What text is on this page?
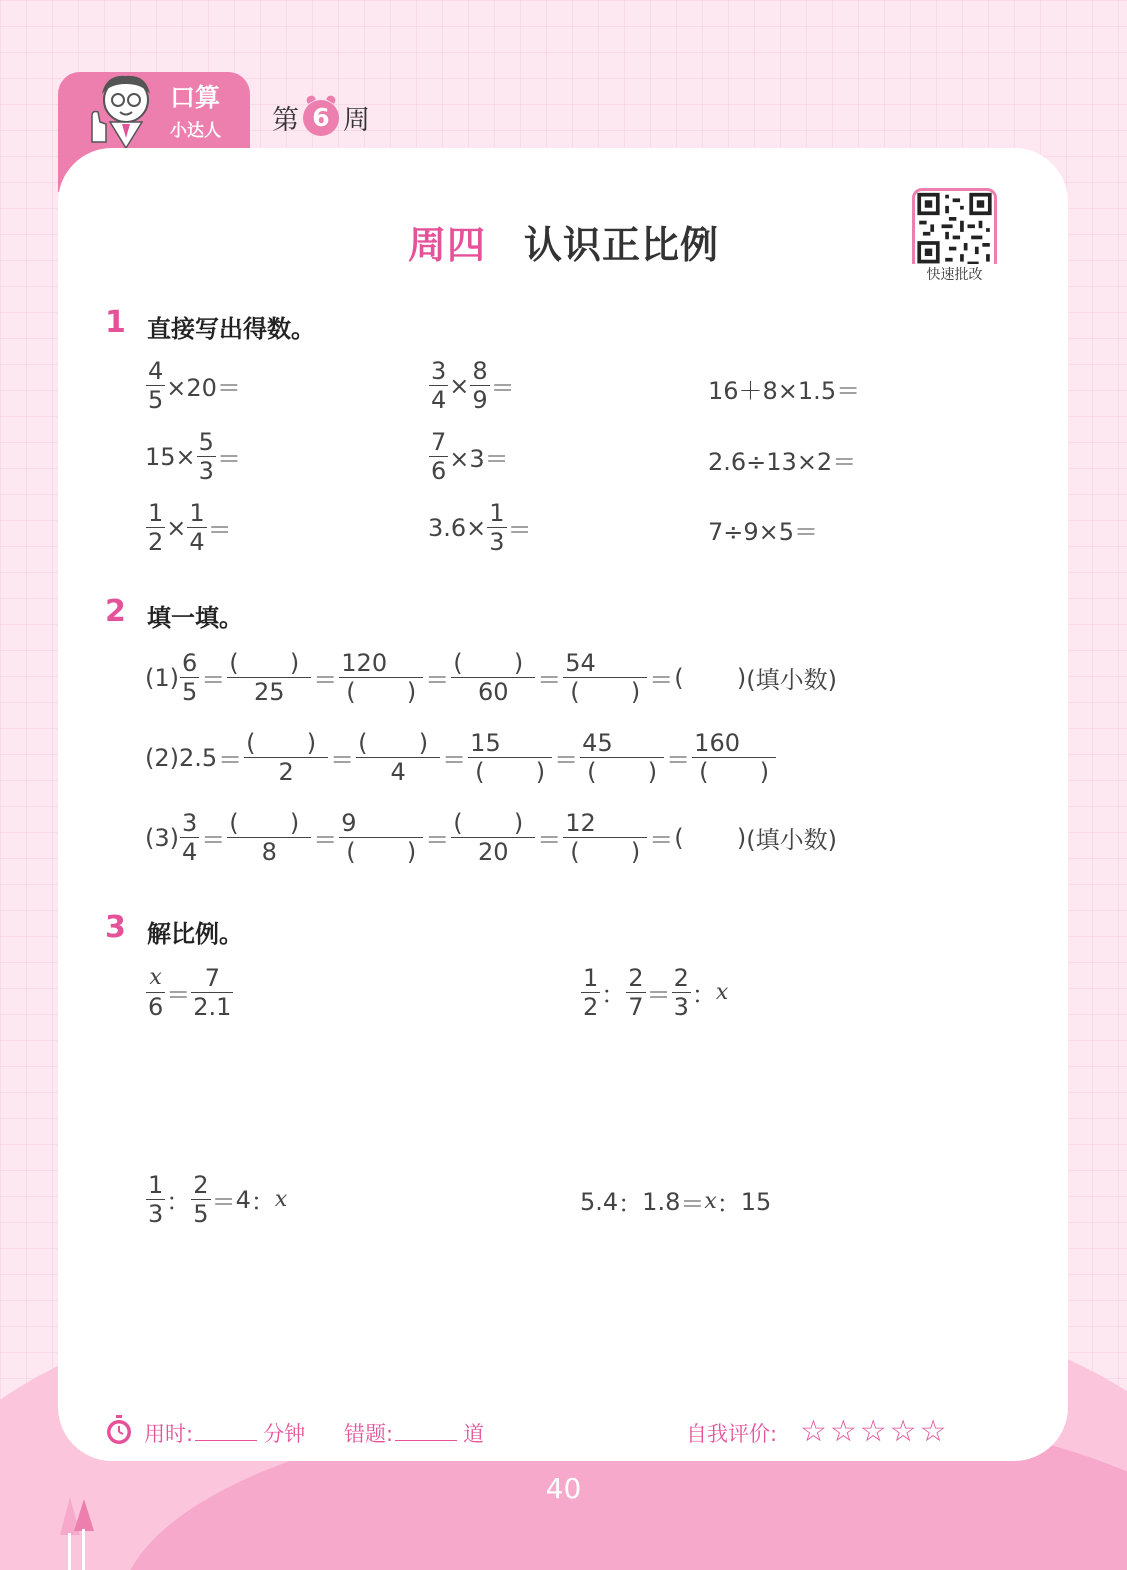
口算
小达人 第 6 周
周四 认识正比例
快速批改
1 直接写出得数。
$\frac{4}{5} \times 20=$	$\frac{3}{4} \times \frac{8}{9}$ ＝	16＋8×1.5＝
$15\times \frac{5}{3}$ ＝	$\frac{7}{6} \times 3=$	2.6÷13×2＝
$\frac{1}{2} \times \frac{1}{4}$ ＝	$3.6\times \frac{1}{3}$ ＝	7÷9×5＝
2 填一填。
$(1) \frac{6}{5} = \frac{( )}{25} = \frac{120}{( )} = \frac{( )}{60} = \frac{54}{( )}$ ＝ ( ) (填小数)
(2) $2.5 = \frac{( )}{2} = \frac{( )}{4} = \frac{15}{( )} = \frac{45}{( )} = \frac{160}{( )}$
$(3) \frac{3}{4} = \frac{( )}{8} = \frac{9}{( )} = \frac{( )}{20} = \frac{12}{( )}$ ＝ ( ) (填小数)
3 解比例。
$\frac{x}{6} = \frac{7}{2.1}$	$\frac{1}{2}$ ： $\frac{2}{7} = \frac{2}{3}$ ： x
$\frac{1}{3}$ ： $\frac{2}{5} = 4$ ： x	5.4 ： 1.8 ＝ x ： 15
用时:	分钟 错题:	道	自我评价: ☆☆☆☆☆
40
